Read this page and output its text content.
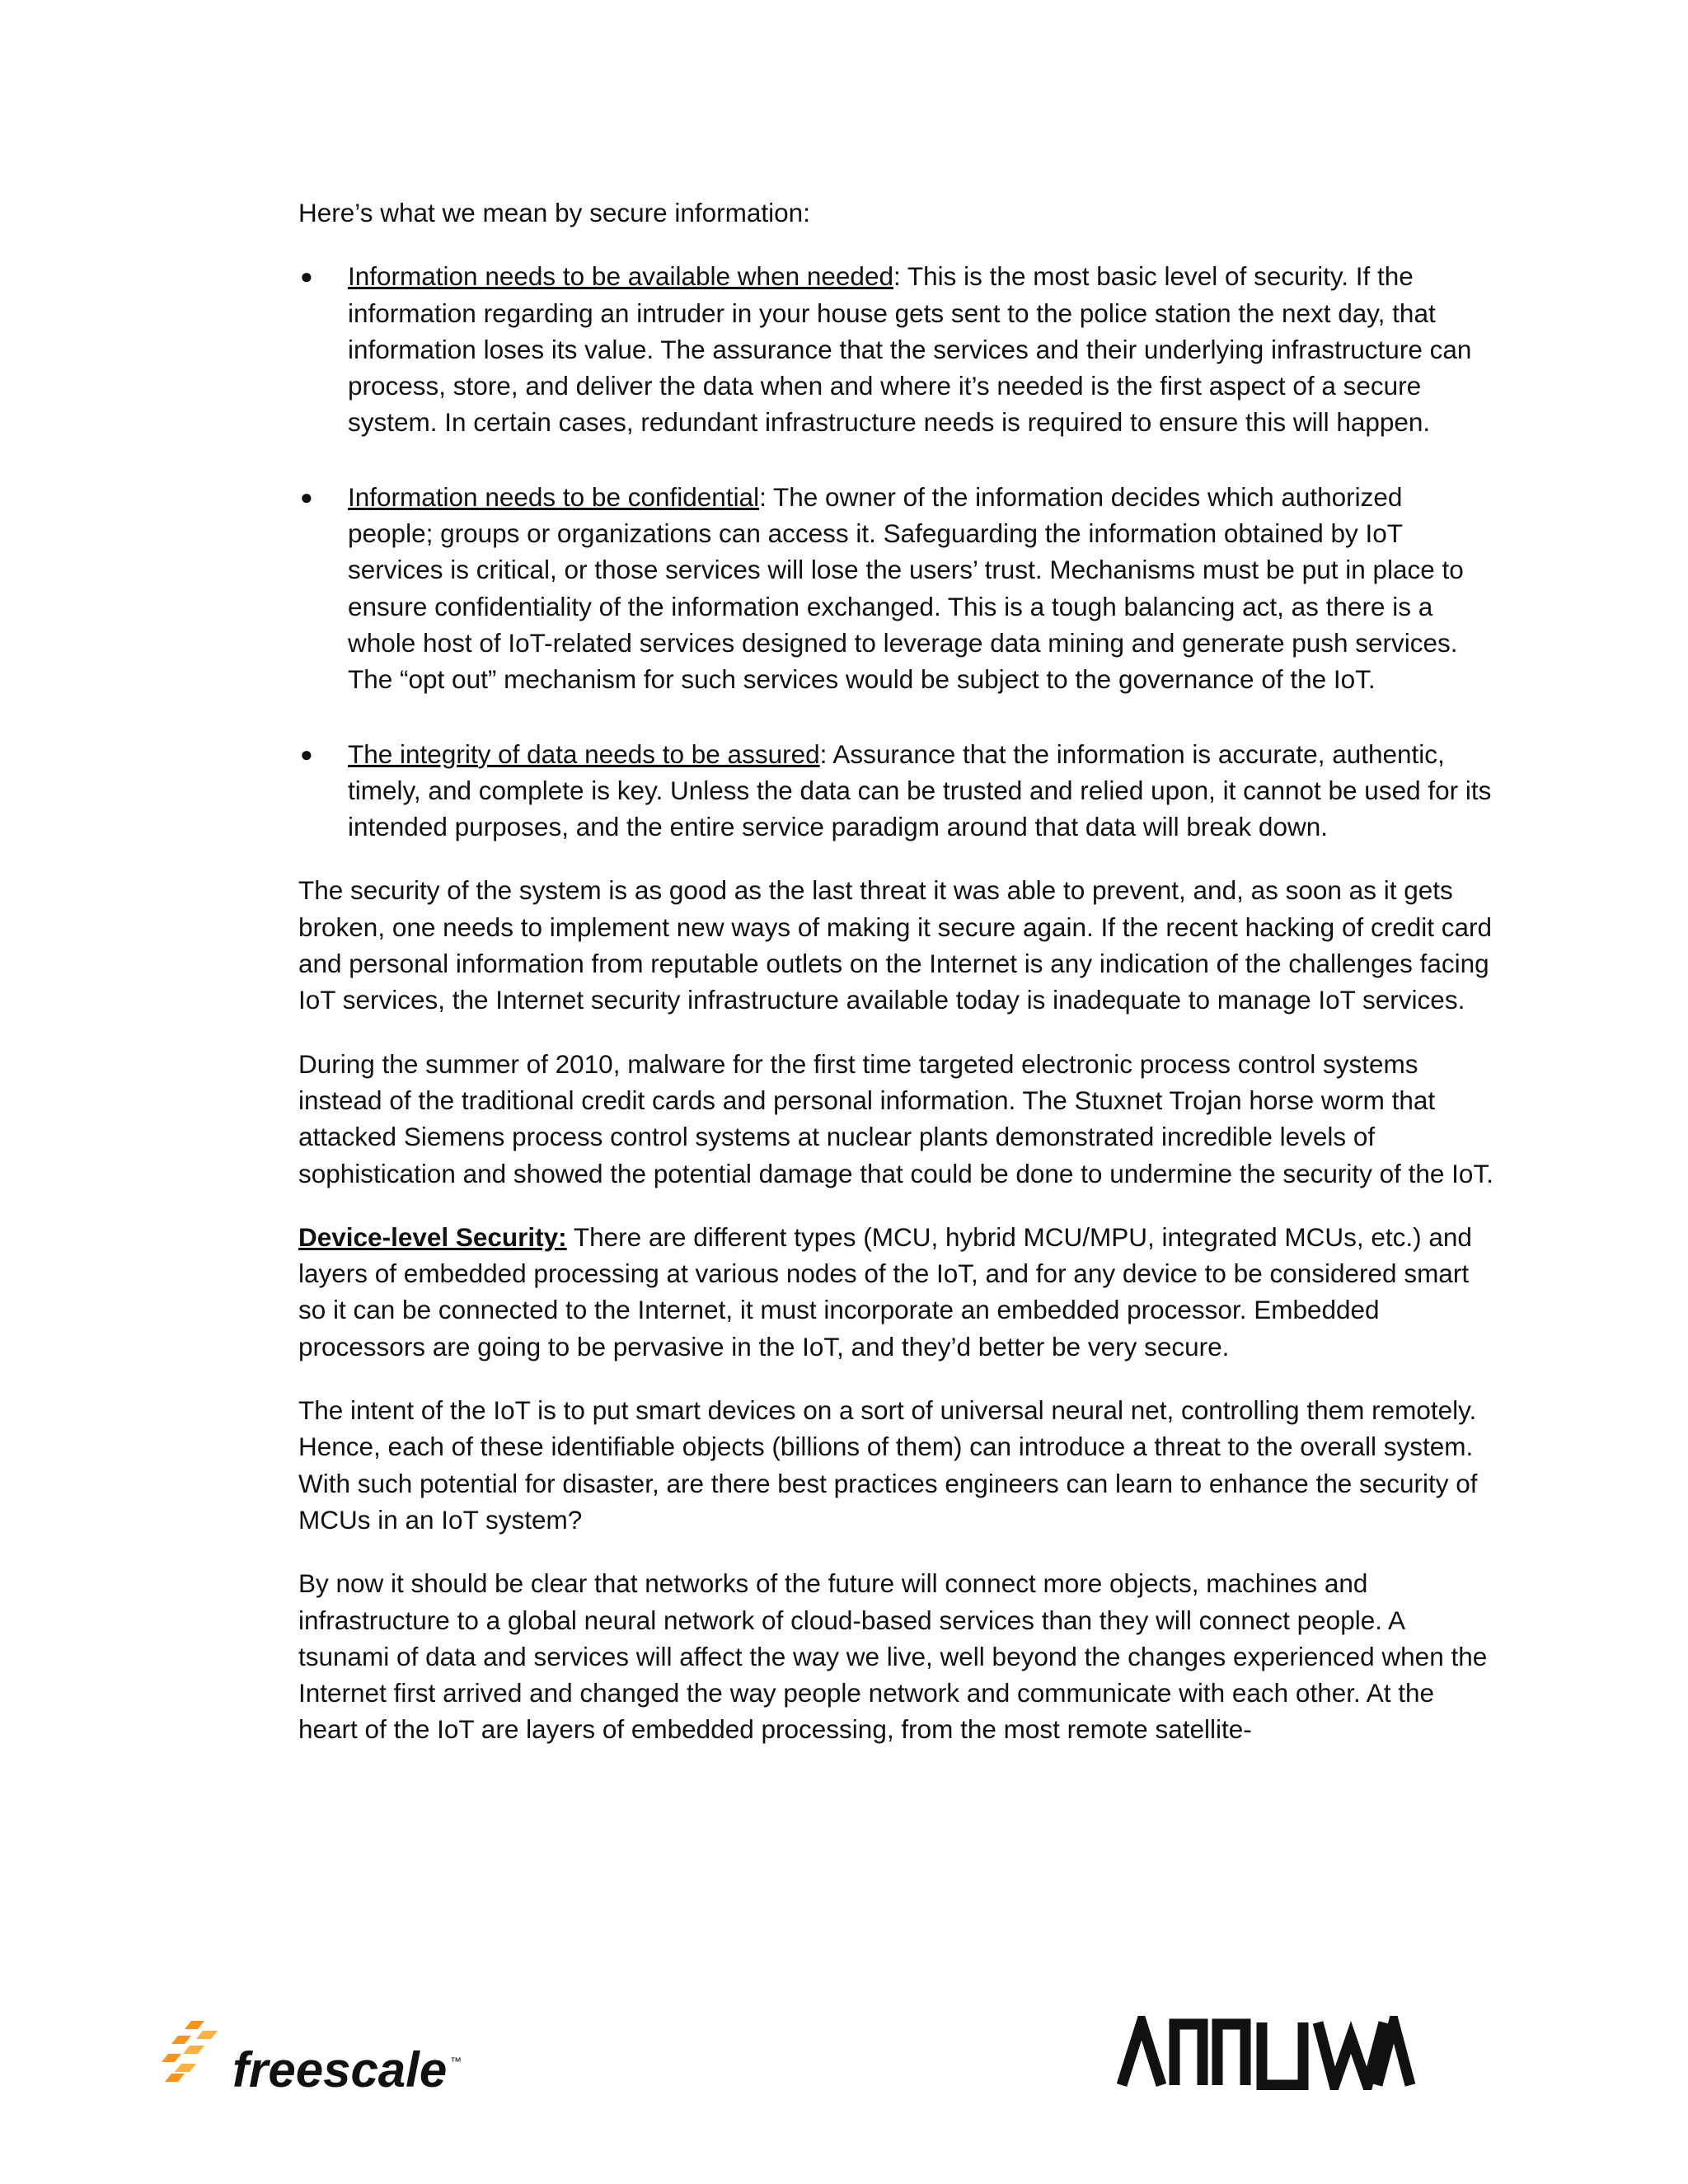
Here’s what we mean by secure information:

● Information needs to be available when needed: This is the most basic level of security. If the information regarding an intruder in your house gets sent to the police station the next day, that information loses its value. The assurance that the services and their underlying infrastructure can process, store, and deliver the data when and where it’s needed is the first aspect of a secure system. In certain cases, redundant infrastructure needs is required to ensure this will happen.
● Information needs to be confidential: The owner of the information decides which authorized people; groups or organizations can access it. Safeguarding the information obtained by IoT services is critical, or those services will lose the users’ trust. Mechanisms must be put in place to ensure confidentiality of the information exchanged. This is a tough balancing act, as there is a whole host of IoT-related services designed to leverage data mining and generate push services. The “opt out” mechanism for such services would be subject to the governance of the IoT.
● The integrity of data needs to be assured: Assurance that the information is accurate, authentic, timely, and complete is key. Unless the data can be trusted and relied upon, it cannot be used for its intended purposes, and the entire service paradigm around that data will break down.

The security of the system is as good as the last threat it was able to prevent, and, as soon as it gets broken, one needs to implement new ways of making it secure again. If the recent hacking of credit card and personal information from reputable outlets on the Internet is any indication of the challenges facing IoT services, the Internet security infrastructure available today is inadequate to manage IoT services.

During the summer of 2010, malware for the first time targeted electronic process control systems instead of the traditional credit cards and personal information. The Stuxnet Trojan horse worm that attacked Siemens process control systems at nuclear plants demonstrated incredible levels of sophistication and showed the potential damage that could be done to undermine the security of the IoT.

Device-level Security: There are different types (MCU, hybrid MCU/MPU, integrated MCUs, etc.) and layers of embedded processing at various nodes of the IoT, and for any device to be considered smart so it can be connected to the Internet, it must incorporate an embedded processor. Embedded processors are going to be pervasive in the IoT, and they’d better be very secure.

The intent of the IoT is to put smart devices on a sort of universal neural net, controlling them remotely. Hence, each of these identifiable objects (billions of them) can introduce a threat to the overall system. With such potential for disaster, are there best practices engineers can learn to enhance the security of MCUs in an IoT system?

By now it should be clear that networks of the future will connect more objects, machines and infrastructure to a global neural network of cloud-based services than they will connect people. A tsunami of data and services will affect the way we live, well beyond the changes experienced when the Internet first arrived and changed the way people network and communicate with each other. At the heart of the IoT are layers of embedded processing, from the most remote satellite-

freescale ™
